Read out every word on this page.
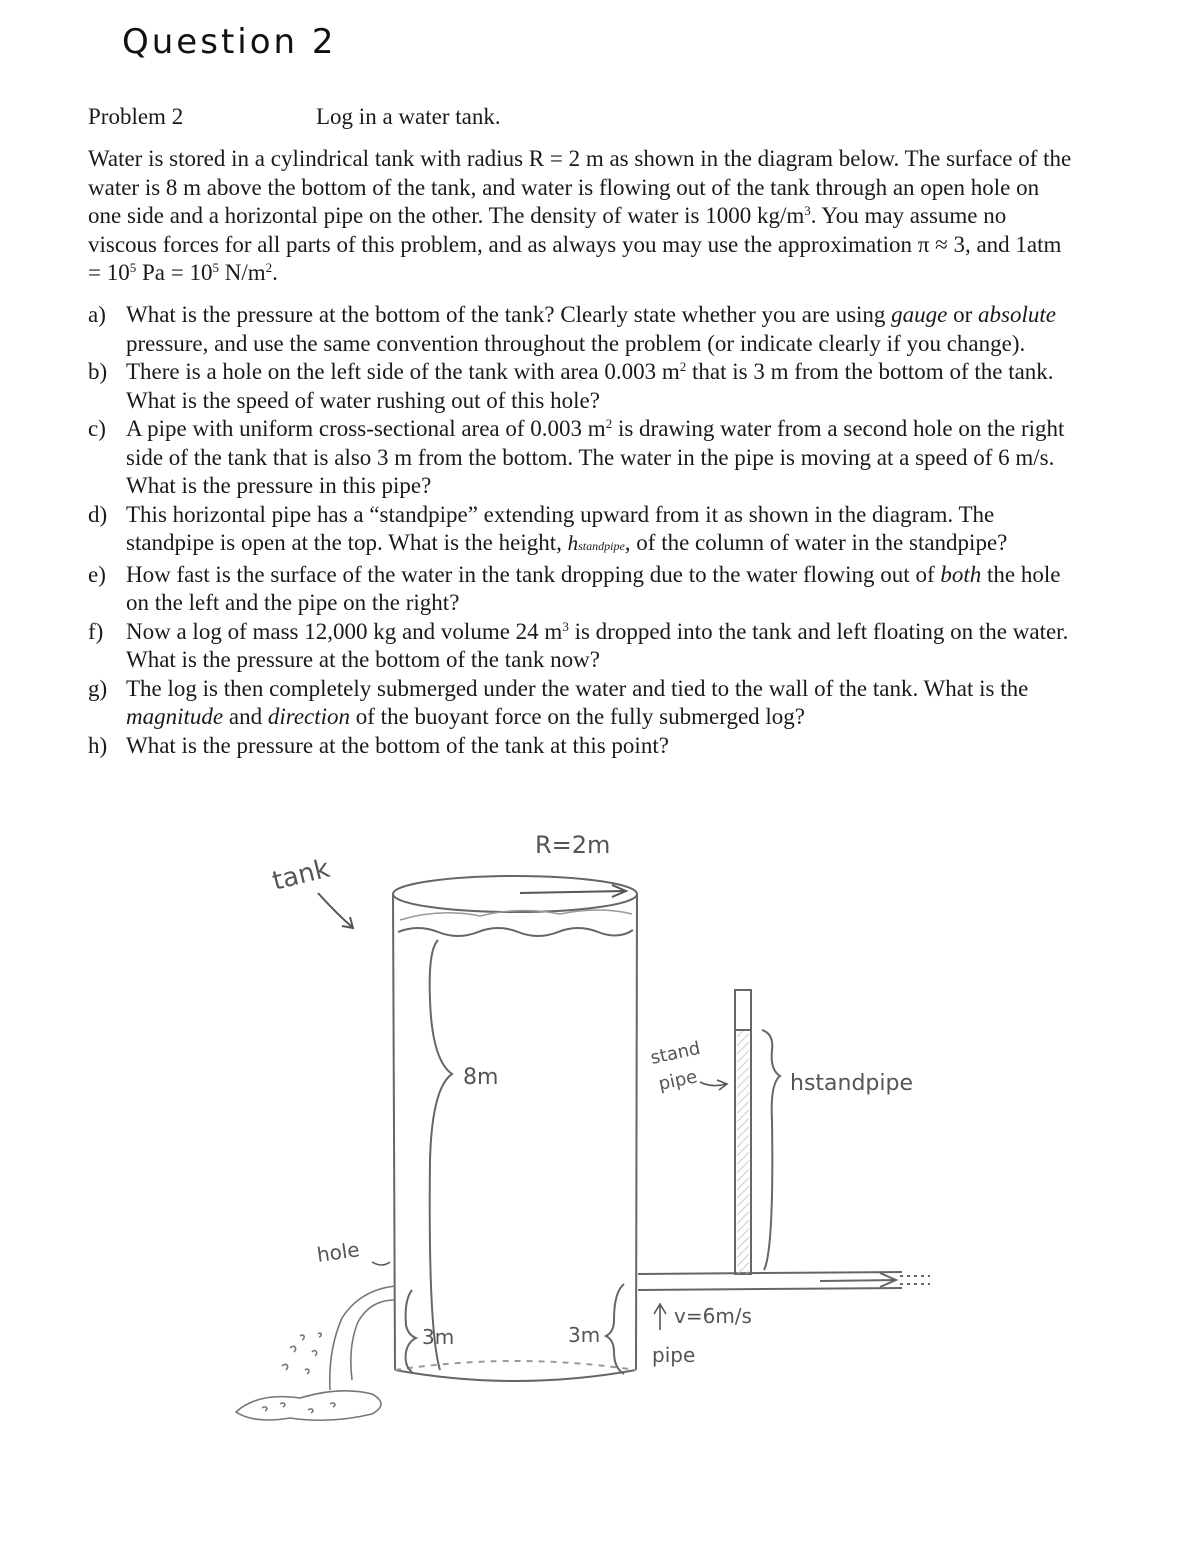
Question 2
Problem 2	Log in a water tank.
Water is stored in a cylindrical tank with radius R = 2 m as shown in the diagram below. The surface of the water is 8 m above the bottom of the tank, and water is flowing out of the tank through an open hole on one side and a horizontal pipe on the other. The density of water is 1000 $kg/m^3$. You may assume no viscous forces for all parts of this problem, and as always you may use the approximation π ≈ 3, and $1atm = 10^5$ $Pa = 10^5$ $N/m^2$.
a) What is the pressure at the bottom of the tank? Clearly state whether you are using gauge or absolute pressure, and use the same convention throughout the problem (or indicate clearly if you change).
b) There is a hole on the left side of the tank with area 0.003 $m^2$ that is 3 m from the bottom of the tank. What is the speed of water rushing out of this hole?
c) A pipe with uniform cross-sectional area of 0.003 $m^2$ is drawing water from a second hole on the right side of the tank that is also 3 m from the bottom. The water in the pipe is moving at a speed of 6 m/s. What is the pressure in this pipe?
d) This horizontal pipe has a “standpipe” extending upward from it as shown in the diagram. The standpipe is open at the top. What is the height, hstandpipe, of the column of water in the standpipe?
e) How fast is the surface of the water in the tank dropping due to the water flowing out of both the hole on the left and the pipe on the right?
f) Now a log of mass 12,000 kg and volume 24 $m^3$ is dropped into the tank and left floating on the water. What is the pressure at the bottom of the tank now?
g) The log is then completely submerged under the water and tied to the wall of the tank. What is the magnitude and direction of the buoyant force on the fully submerged log?
h) What is the pressure at the bottom of the tank at this point?
R=2m
tank
8m
hole
3m	3m
stand
pipe	hstandpipe
v=6m/s
pipe
